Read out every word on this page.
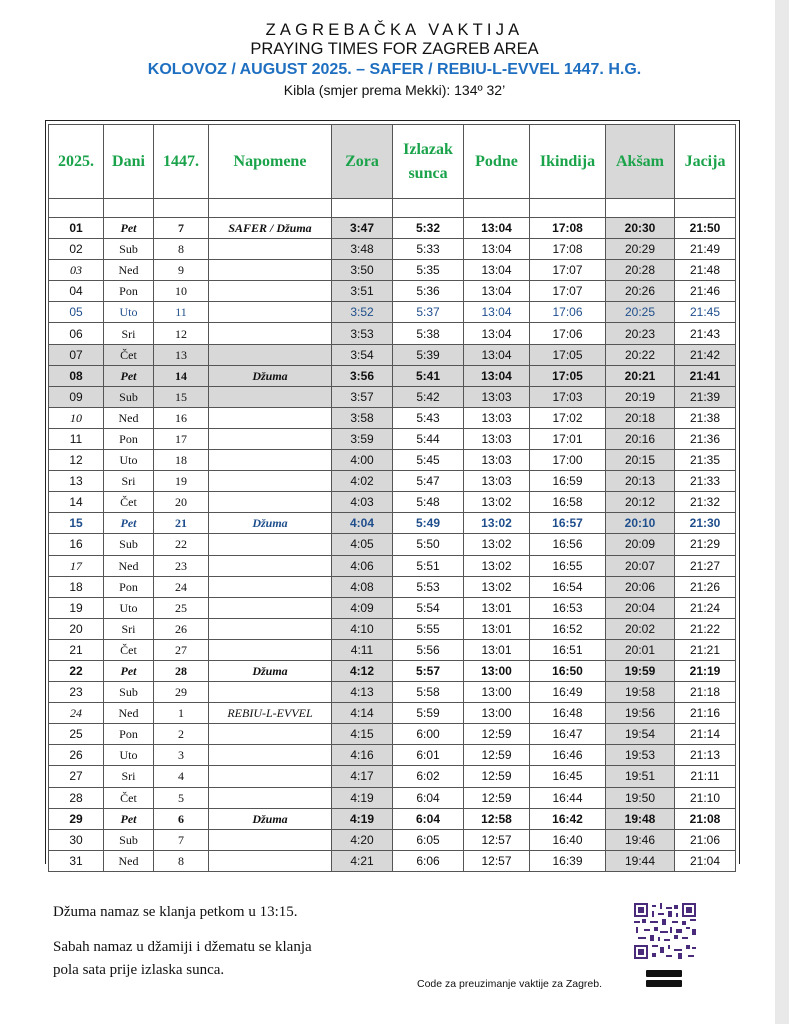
ZAGREBAČKA VAKTIJA
PRAYING TIMES FOR ZAGREB AREA
KOLOVOZ / AUGUST 2025. – SAFER / REBIU-L-EVVEL 1447. H.G.
Kibla (smjer prema Mekki): 134º 32’
2025.	Dani	1447.	Napomene	Zora	Izlazak sunca	Podne	Ikindija	Akšam	Jacija

01	Pet	7	SAFER / Džuma	3:47	5:32	13:04	17:08	20:30	21:50
02	Sub	8		3:48	5:33	13:04	17:08	20:29	21:49
03	Ned	9		3:50	5:35	13:04	17:07	20:28	21:48
04	Pon	10		3:51	5:36	13:04	17:07	20:26	21:46
05	Uto	11		3:52	5:37	13:04	17:06	20:25	21:45
06	Sri	12		3:53	5:38	13:04	17:06	20:23	21:43
07	Čet	13		3:54	5:39	13:04	17:05	20:22	21:42
08	Pet	14	Džuma	3:56	5:41	13:04	17:05	20:21	21:41
09	Sub	15		3:57	5:42	13:03	17:03	20:19	21:39
10	Ned	16		3:58	5:43	13:03	17:02	20:18	21:38
11	Pon	17		3:59	5:44	13:03	17:01	20:16	21:36
12	Uto	18		4:00	5:45	13:03	17:00	20:15	21:35
13	Sri	19		4:02	5:47	13:03	16:59	20:13	21:33
14	Čet	20		4:03	5:48	13:02	16:58	20:12	21:32
15	Pet	21	Džuma	4:04	5:49	13:02	16:57	20:10	21:30
16	Sub	22		4:05	5:50	13:02	16:56	20:09	21:29
17	Ned	23		4:06	5:51	13:02	16:55	20:07	21:27
18	Pon	24		4:08	5:53	13:02	16:54	20:06	21:26
19	Uto	25		4:09	5:54	13:01	16:53	20:04	21:24
20	Sri	26		4:10	5:55	13:01	16:52	20:02	21:22
21	Čet	27		4:11	5:56	13:01	16:51	20:01	21:21
22	Pet	28	Džuma	4:12	5:57	13:00	16:50	19:59	21:19
23	Sub	29		4:13	5:58	13:00	16:49	19:58	21:18
24	Ned	1	REBIU-L-EVVEL	4:14	5:59	13:00	16:48	19:56	21:16
25	Pon	2		4:15	6:00	12:59	16:47	19:54	21:14
26	Uto	3		4:16	6:01	12:59	16:46	19:53	21:13
27	Sri	4		4:17	6:02	12:59	16:45	19:51	21:11
28	Čet	5		4:19	6:04	12:59	16:44	19:50	21:10
29	Pet	6	Džuma	4:19	6:04	12:58	16:42	19:48	21:08
30	Sub	7		4:20	6:05	12:57	16:40	19:46	21:06
31	Ned	8		4:21	6:06	12:57	16:39	19:44	21:04
Džuma namaz se klanja petkom u 13:15.
Sabah namaz u džamiji i džematu se klanja
pola sata prije izlaska sunca.
Code za preuzimanje vaktije za Zagreb.
